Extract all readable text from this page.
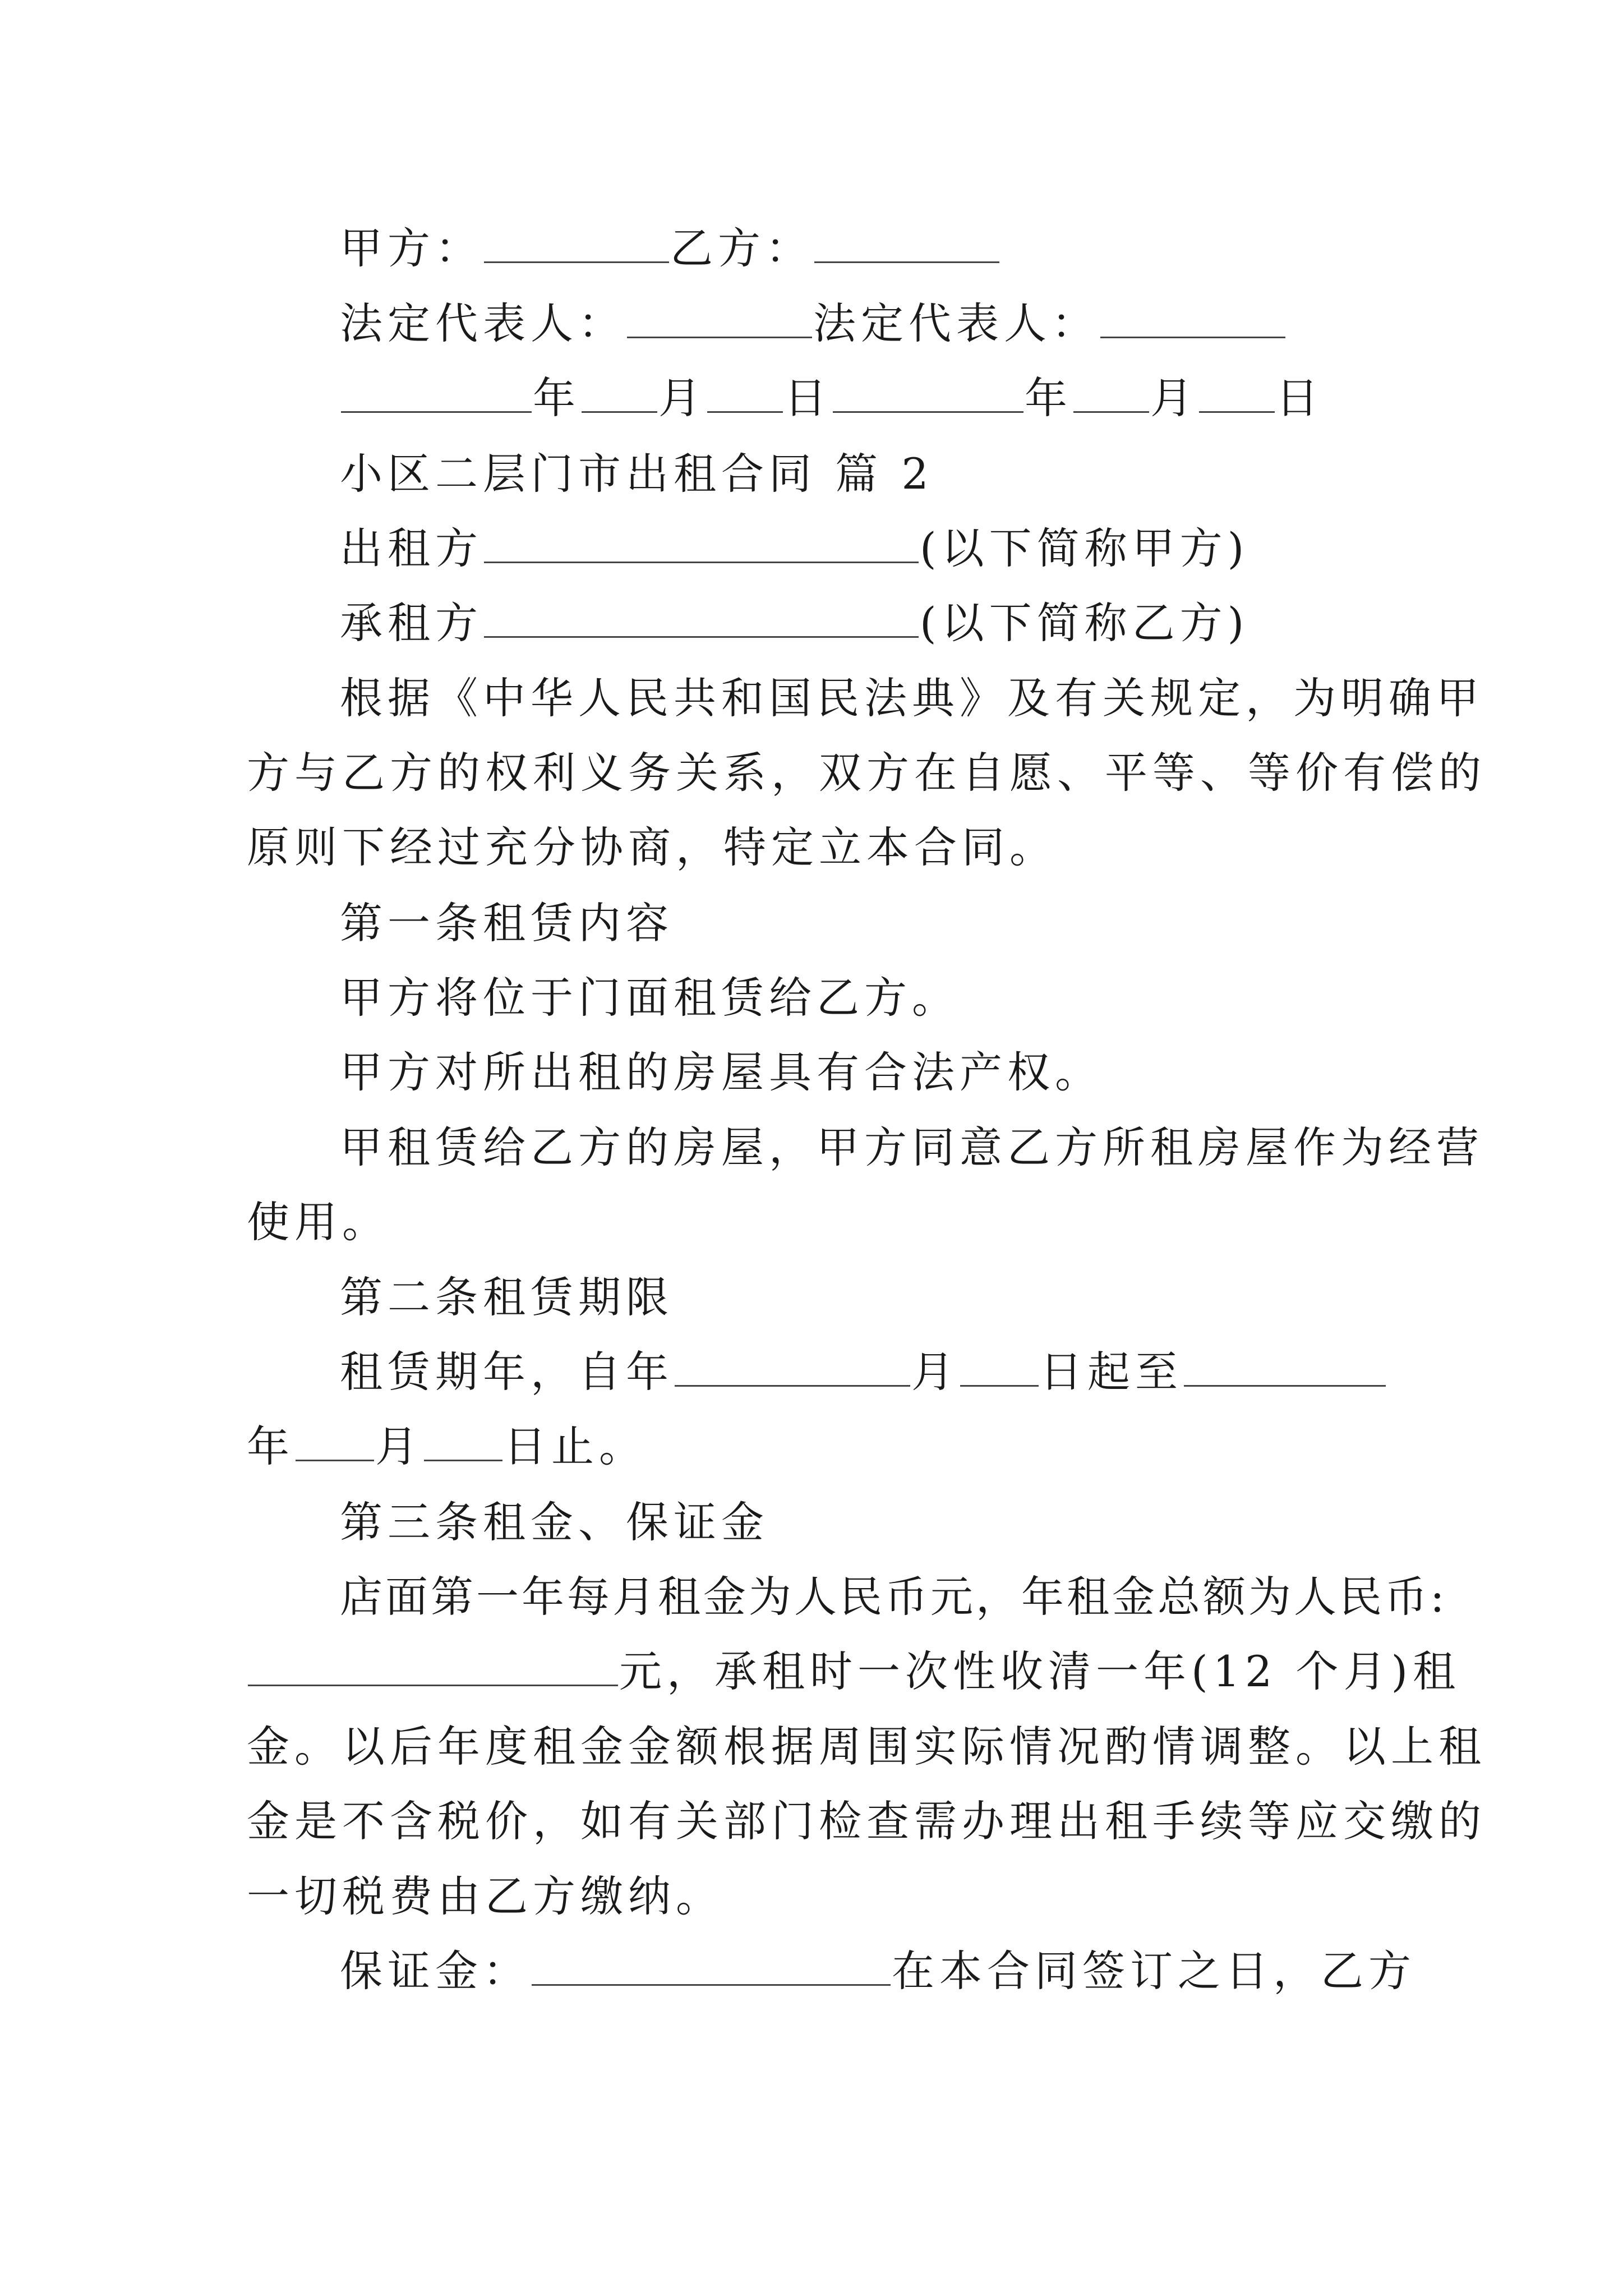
甲方：	乙方：
法定代表人：	法定代表人：
年 月 日	年 月 日
小区二层门市出租合同 篇 2
出租方	(以下简称甲方)
承租方	(以下简称乙方)
根据《中华人民共和国民法典》及有关规定，为明确甲
方与乙方的权利义务关系，双方在自愿、平等、等价有偿的
原则下经过充分协商，特定立本合同。
第一条租赁内容
甲方将位于门面租赁给乙方。
甲方对所出租的房屋具有合法产权。
甲租赁给乙方的房屋，甲方同意乙方所租房屋作为经营
使用。
第二条租赁期限
租赁期年，自年	月 日起至
年 月 日止。
第三条租金、保证金
店面第一年每月租金为人民币元，年租金总额为人民币:
元，承租时一次性收清一年(12 个月)租
金。以后年度租金金额根据周围实际情况酌情调整。以上租
金是不含税价，如有关部门检查需办理出租手续等应交缴的
一切税费由乙方缴纳。
保证金：	在本合同签订之日，乙方
